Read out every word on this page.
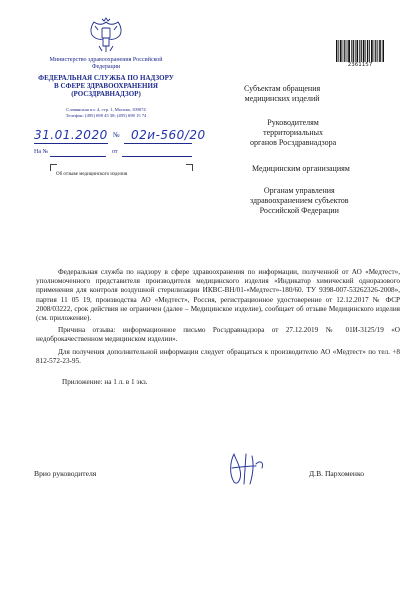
Министерство здравоохранения Российской Федерации
ФЕДЕРАЛЬНАЯ СЛУЖБА ПО НАДЗОРУ
В СФЕРЕ ЗДРАВООХРАНЕНИЯ
(РОСЗДРАВНАДЗОР)
Славянская пл. 4, стр. 1, Москва, 109074
Телефон: (495) 698 45 38; (495) 698 15 74
31.01.2020 № 02и-560/20
На №	от
Об отзыве медицинского изделия
2361157
Субъектам обращения
медицинских изделий
Руководителям
территориальных
органов Росздравнадзора
Медицинским организациям
Органам управления
здравоохранением субъектов
Российской Федерации

Федеральная служба по надзору в сфере здравоохранения по информации, полученной от АО «Медтест», уполномоченного представителя производителя медицинского изделия «Индикатор химический одноразового применения для контроля воздушной стерилизации ИКВС-ВН/01-«Медтест»-180/60. ТУ 9398-007-53262326-2008», партия 11 05 19, производства АО «Медтест», Россия, регистрационное удостоверение от 12.12.2017 № ФСР 2008/03222, срок действия не ограничен (далее – Медицинское изделие), сообщает об отзыве Медицинского изделия (см. приложение).

Причина отзыва: информационное письмо Росздравнадзора от 27.12.2019 № 01И-3125/19 «О недоброкачественном медицинском изделии».

Для получения дополнительной информации следует обращаться к производителю АО «Медтест» по тел. +8 812-572-23-95.

Приложение: на 1 л. в 1 экз.

Врио руководителя	Д.В. Пархоменко
